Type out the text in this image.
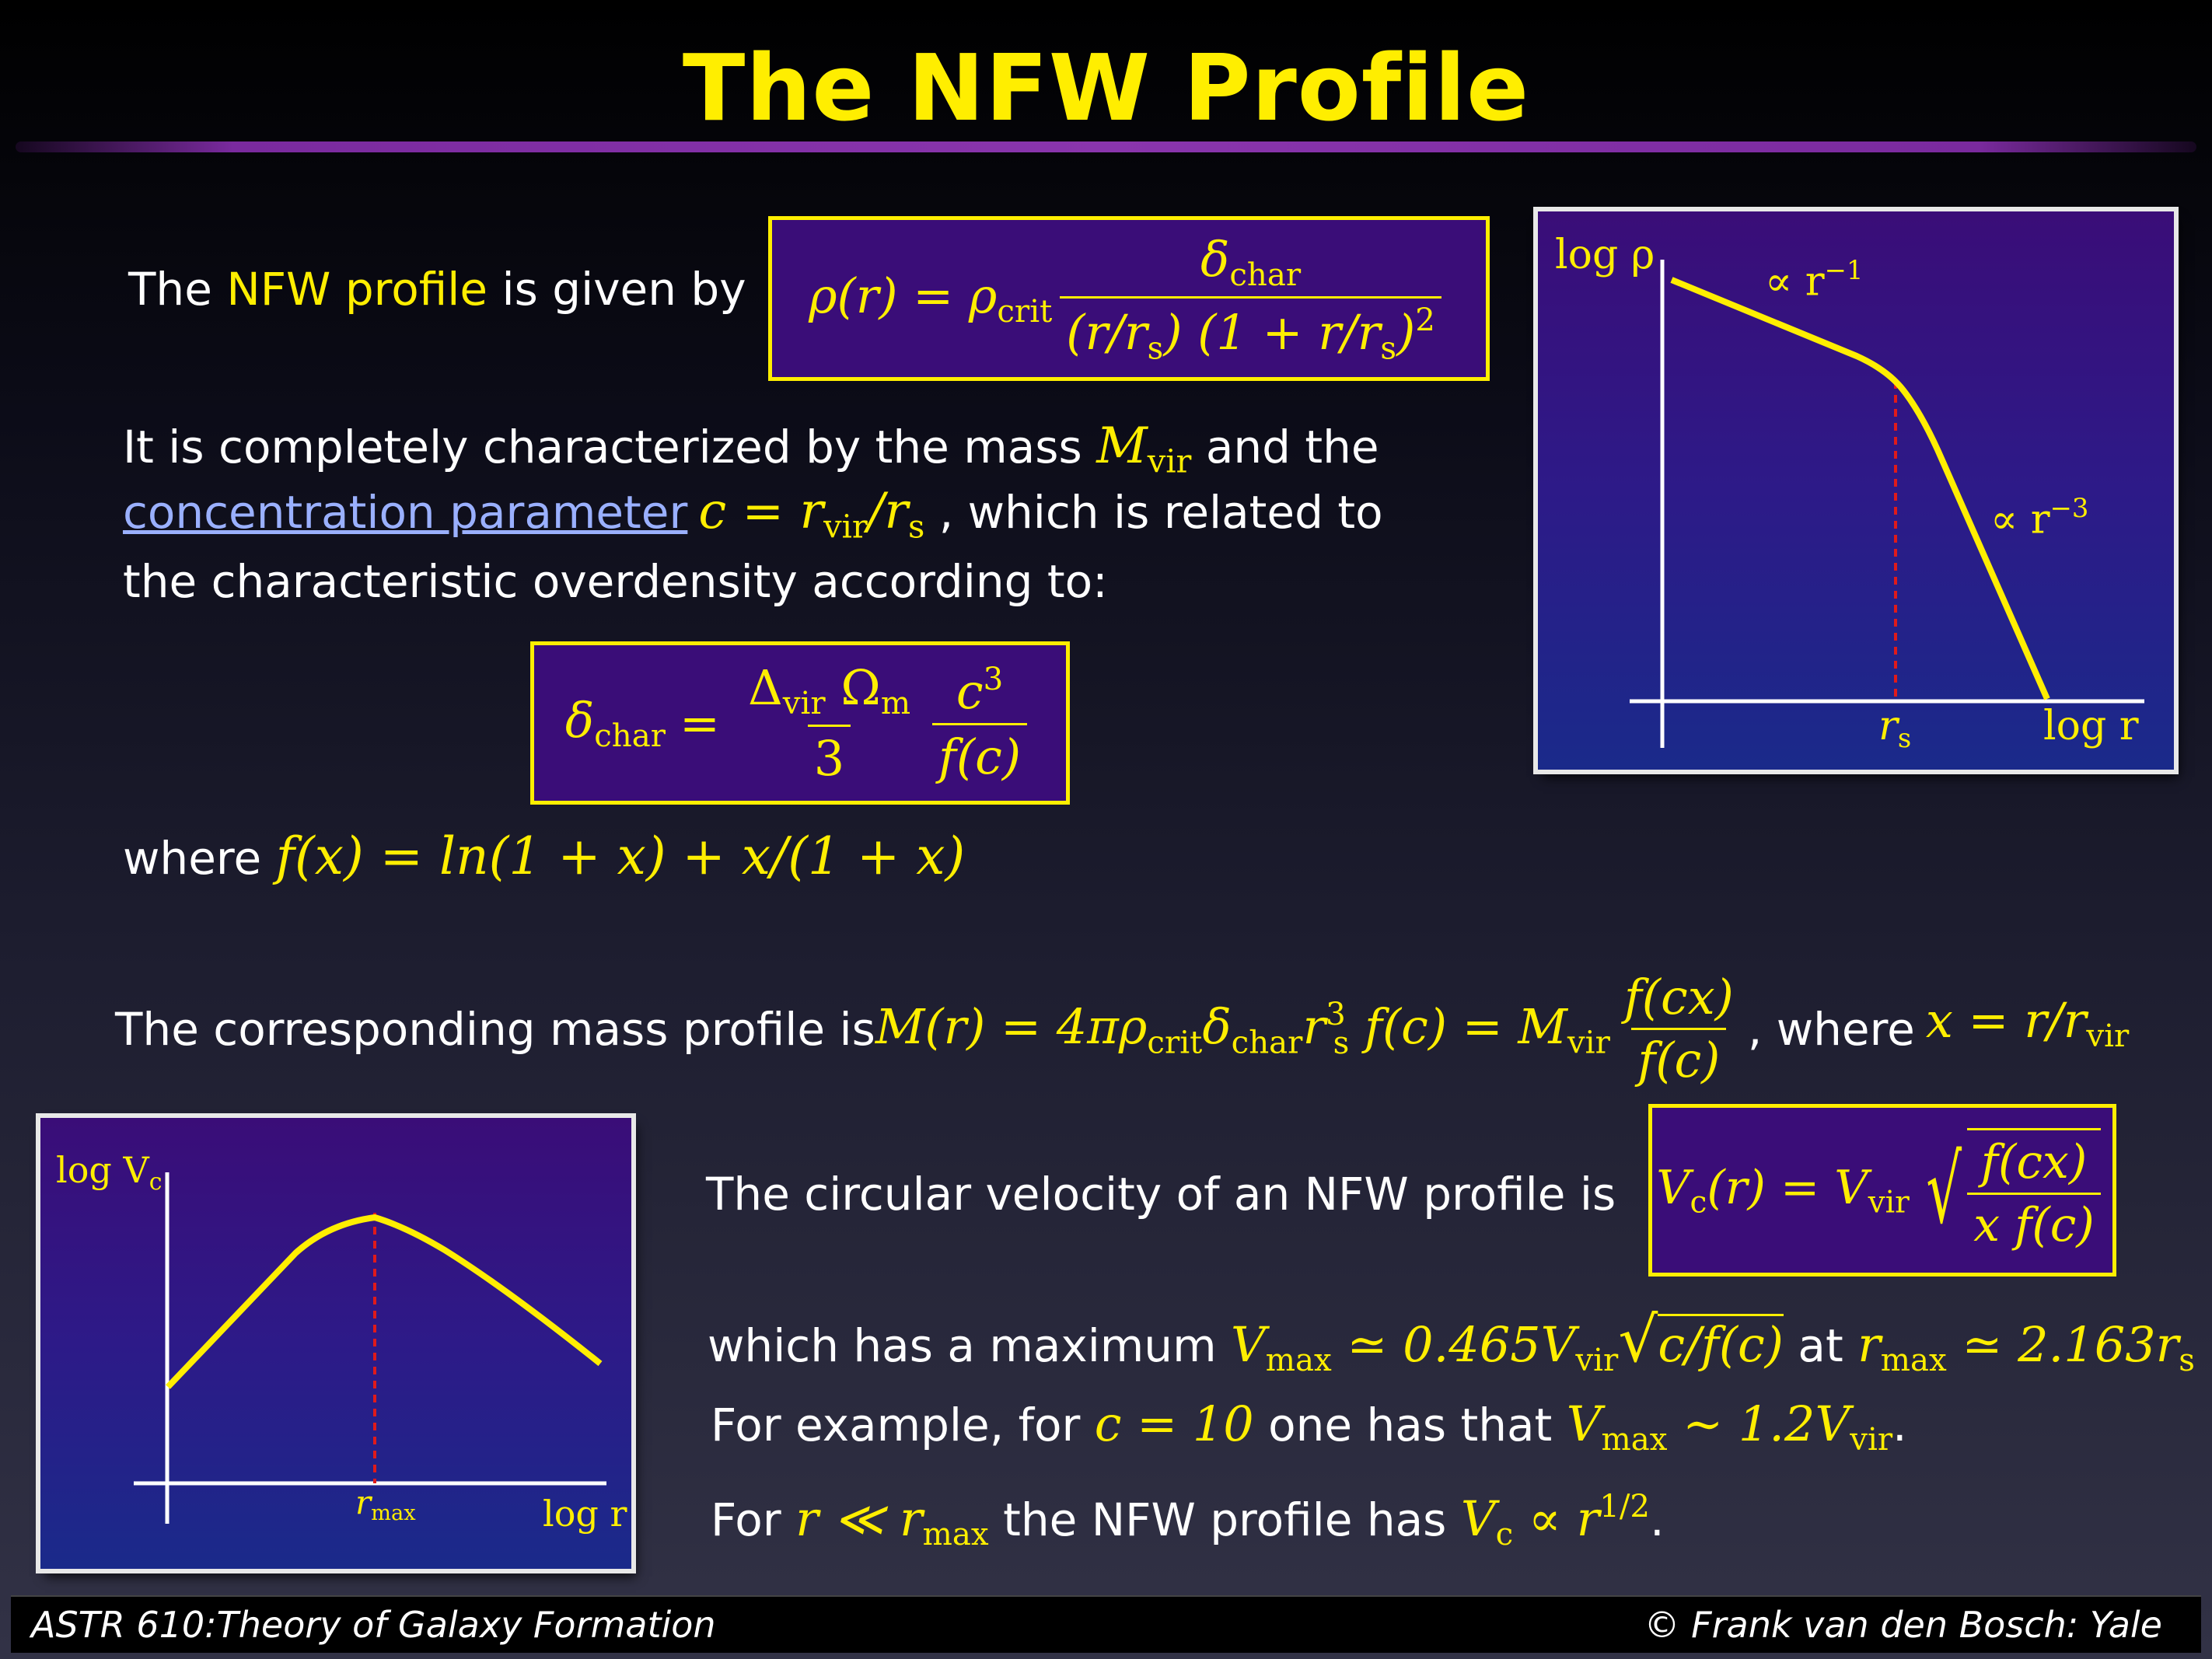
The NFW Profile
The NFW profile is given by $\rho(r) = \rho_{crit} \frac{\delta_{char}}{(r/r_s) (1 + r/r_s)^2}$
It is completely characterized by the mass $M_{vir}$ and the
concentration parameter $c = r_{vir}/r_s$ , which is related to
the characteristic overdensity according to:
$\delta_{char} = \frac{\Delta_{vir} \Omega_m}{3} \frac{c^3}{f(c)}$
where f(x) = ln(1 + x) + x/(1 + x)
The corresponding mass profile is $M(r) = 4\pi\rho_{crit}\delta_{char}r^3_s$ $f(c) = M_{vir} \frac{f(cx)}{f(c)}$ , where $x = r/r_{vir}$
The circular velocity of an NFW profile is $V_c(r) = V_{vir}$ √ $\frac{f(cx)}{\text{x f(c)}}$
which has a maximum $V_{max}$ ≃ $0.465V_{vir}√c/f(c)$ at $r_{max}$ ≃ $2.163r_s$
For example, for c = 10 one has that $V_{max}$ ∼ $1.2V_{vir}$.
For r ≪ $r_{max}$ the NFW profile has $V_c \propto r^{1/2}$.
log ρ
log r
$r_s$
∝ $r^{-1}$
∝ $r^{-3}$
$\log V_c$
log r
$r_{max}$
ASTR 610:Theory of Galaxy Formation	© Frank van den Bosch: Yale
